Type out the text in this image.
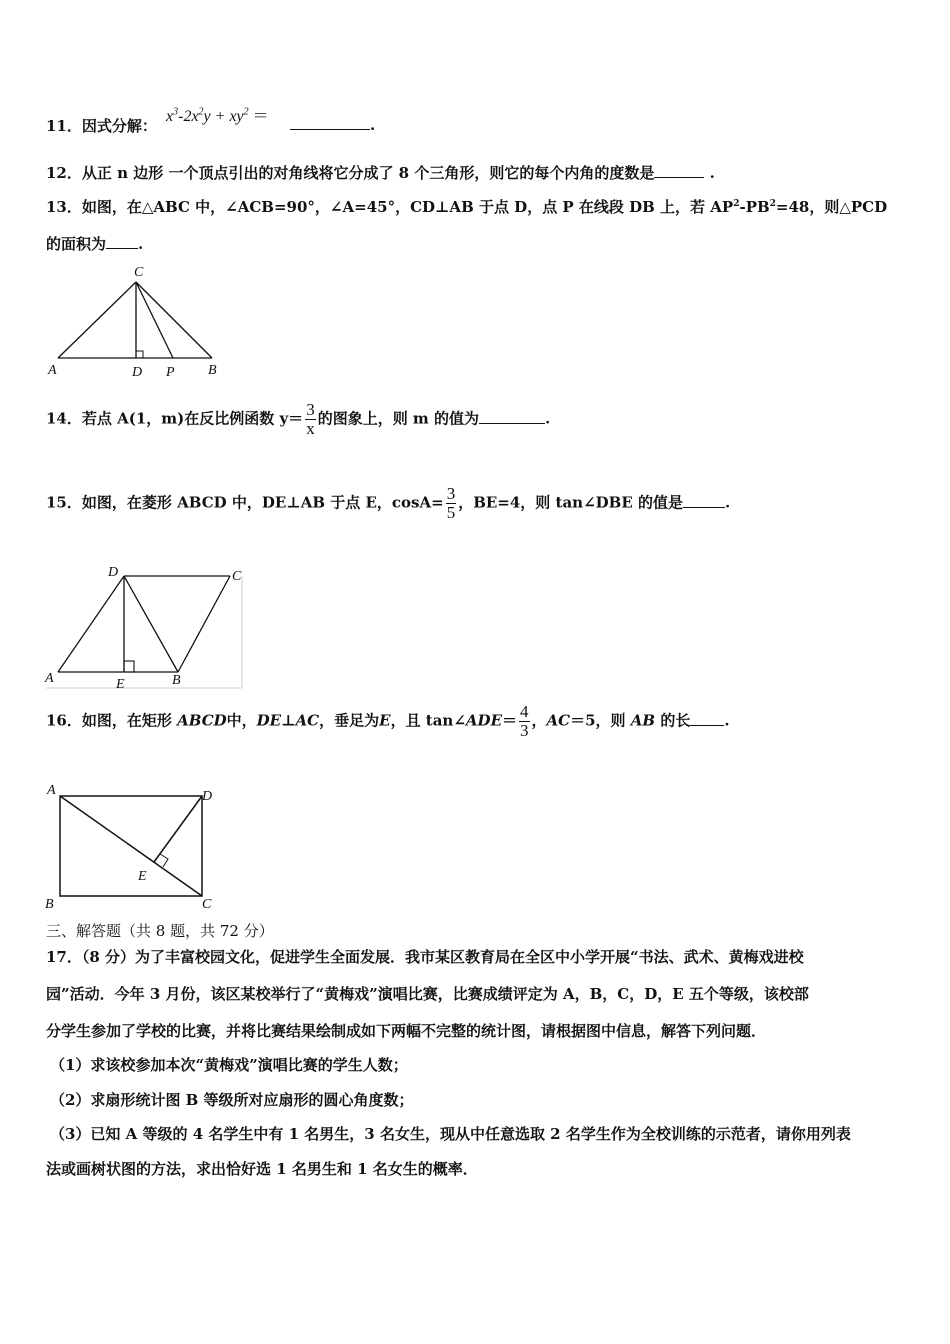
11．因式分解：
$x^3-2x^2y + xy^2$ ＝	.
12．从正 n 边形 一个顶点引出的对角线将它分成了 8 个三角形，则它的每个内角的度数是	.
13．如图，在△ABC 中，∠ACB=90°，∠A=45°，CD⊥AB 于点 D，点 P 在线段 DB 上，若 $AP^2-PB^2=48$，则△PCD
的面积为 .
C
A	D P B
14．若点 A(1，m)在反比例函数 $y= \frac{3}{x}$ 的图象上，则 m 的值为	.
15．如图，在菱形 ABCD 中，DE⊥AB 于点 E，$\cos A= \frac{3}{5}$ ，BE=4，则 tan∠DBE 的值是	.
D	C
A	E	B
16．如图，在矩形 ABCD中，DE⊥AC，垂足为E，且 tan∠ADE＝ $\frac{4}{3}$ ，AC＝5，则 AB 的长 .
A	D
E
B	C
三、解答题（共 8 题，共 72 分）
17．（8 分）为了丰富校园文化，促进学生全面发展．我市某区教育局在全区中小学开展“书法、武术、黄梅戏进校
园”活动．今年 3 月份，该区某校举行了“黄梅戏”演唱比赛，比赛成绩评定为 A，B，C，D，E 五个等级，该校部
分学生参加了学校的比赛，并将比赛结果绘制成如下两幅不完整的统计图，请根据图中信息，解答下列问题．
（1）求该校参加本次“黄梅戏”演唱比赛的学生人数；
（2）求扇形统计图 B 等级所对应扇形的圆心角度数；
（3）已知 A 等级的 4 名学生中有 1 名男生，3 名女生，现从中任意选取 2 名学生作为全校训练的示范者，请你用列表
法或画树状图的方法，求出恰好选 1 名男生和 1 名女生的概率．
